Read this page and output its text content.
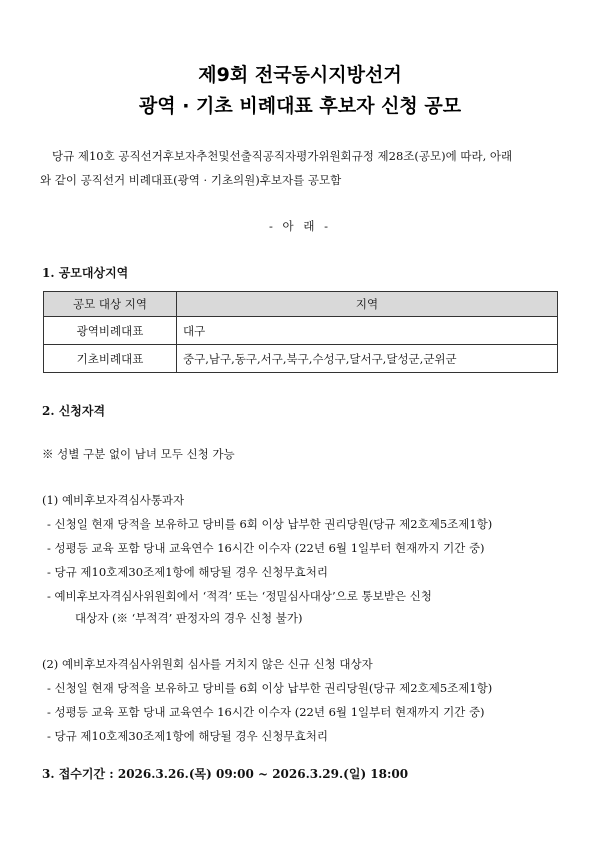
제9회 전국동시지방선거
광역 · 기초 비례대표 후보자 신청 공모

당규 제10호 공직선거후보자추천및선출직공직자평가위원회규정 제28조(공모)에 따라, 아래

와 같이 공직선거 비례대표(광역 · 기초의원)후보자를 공모함

- 아 래 -
1. 공모대상지역
공모 대상 지역	지역
광역비례대표	대구
기초비례대표	중구,남구,동구,서구,북구,수성구,달서구,달성군,군위군
2. 신청자격
※ 성별 구분 없이 남녀 모두 신청 가능
(1) 예비후보자격심사통과자
- 신청일 현재 당적을 보유하고 당비를 6회 이상 납부한 권리당원(당규 제2호제5조제1항)
- 성평등 교육 포함 당내 교육연수 16시간 이수자 (22년 6월 1일부터 현재까지 기간 중)
- 당규 제10호제30조제1항에 해당될 경우 신청무효처리
- 예비후보자격심사위원회에서 ‘적격’ 또는 ‘정밀심사대상’으로 통보받은 신청
대상자 (※ ‘부적격’ 판정자의 경우 신청 불가)
(2) 예비후보자격심사위원회 심사를 거치지 않은 신규 신청 대상자
- 신청일 현재 당적을 보유하고 당비를 6회 이상 납부한 권리당원(당규 제2호제5조제1항)
- 성평등 교육 포함 당내 교육연수 16시간 이수자 (22년 6월 1일부터 현재까지 기간 중)
- 당규 제10호제30조제1항에 해당될 경우 신청무효처리
3. 접수기간 : 2026.3.26.(목) 09:00 ~ 2026.3.29.(일) 18:00
